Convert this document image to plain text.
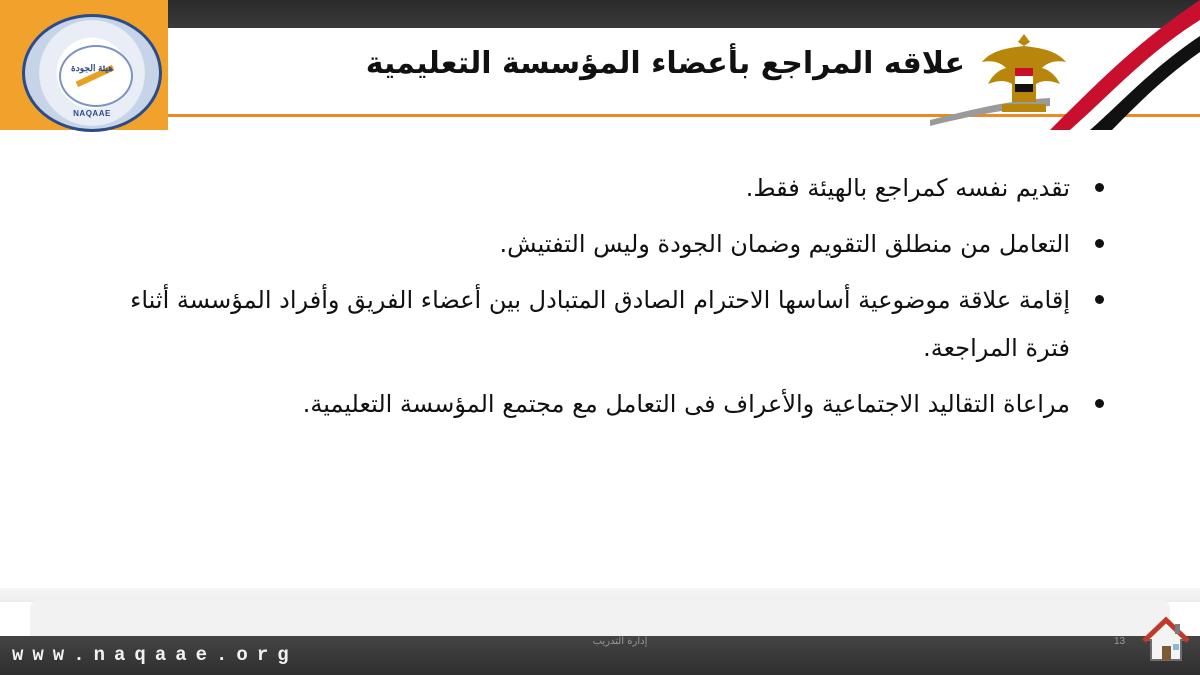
هيئة الجودة
NAQAAE
علاقه المراجع بأعضاء المؤسسة التعليمية
تقديم نفسه كمراجع بالهيئة فقط.
التعامل من منطلق التقويم وضمان الجودة وليس التفتيش.
إقامة علاقة موضوعية أساسها الاحترام الصادق المتبادل بين أعضاء الفريق وأفراد المؤسسة أثناء فترة المراجعة.
مراعاة التقاليد الاجتماعية والأعراف فى التعامل مع مجتمع المؤسسة التعليمية.
www.naqaae.org
إدارة التدريب	13
